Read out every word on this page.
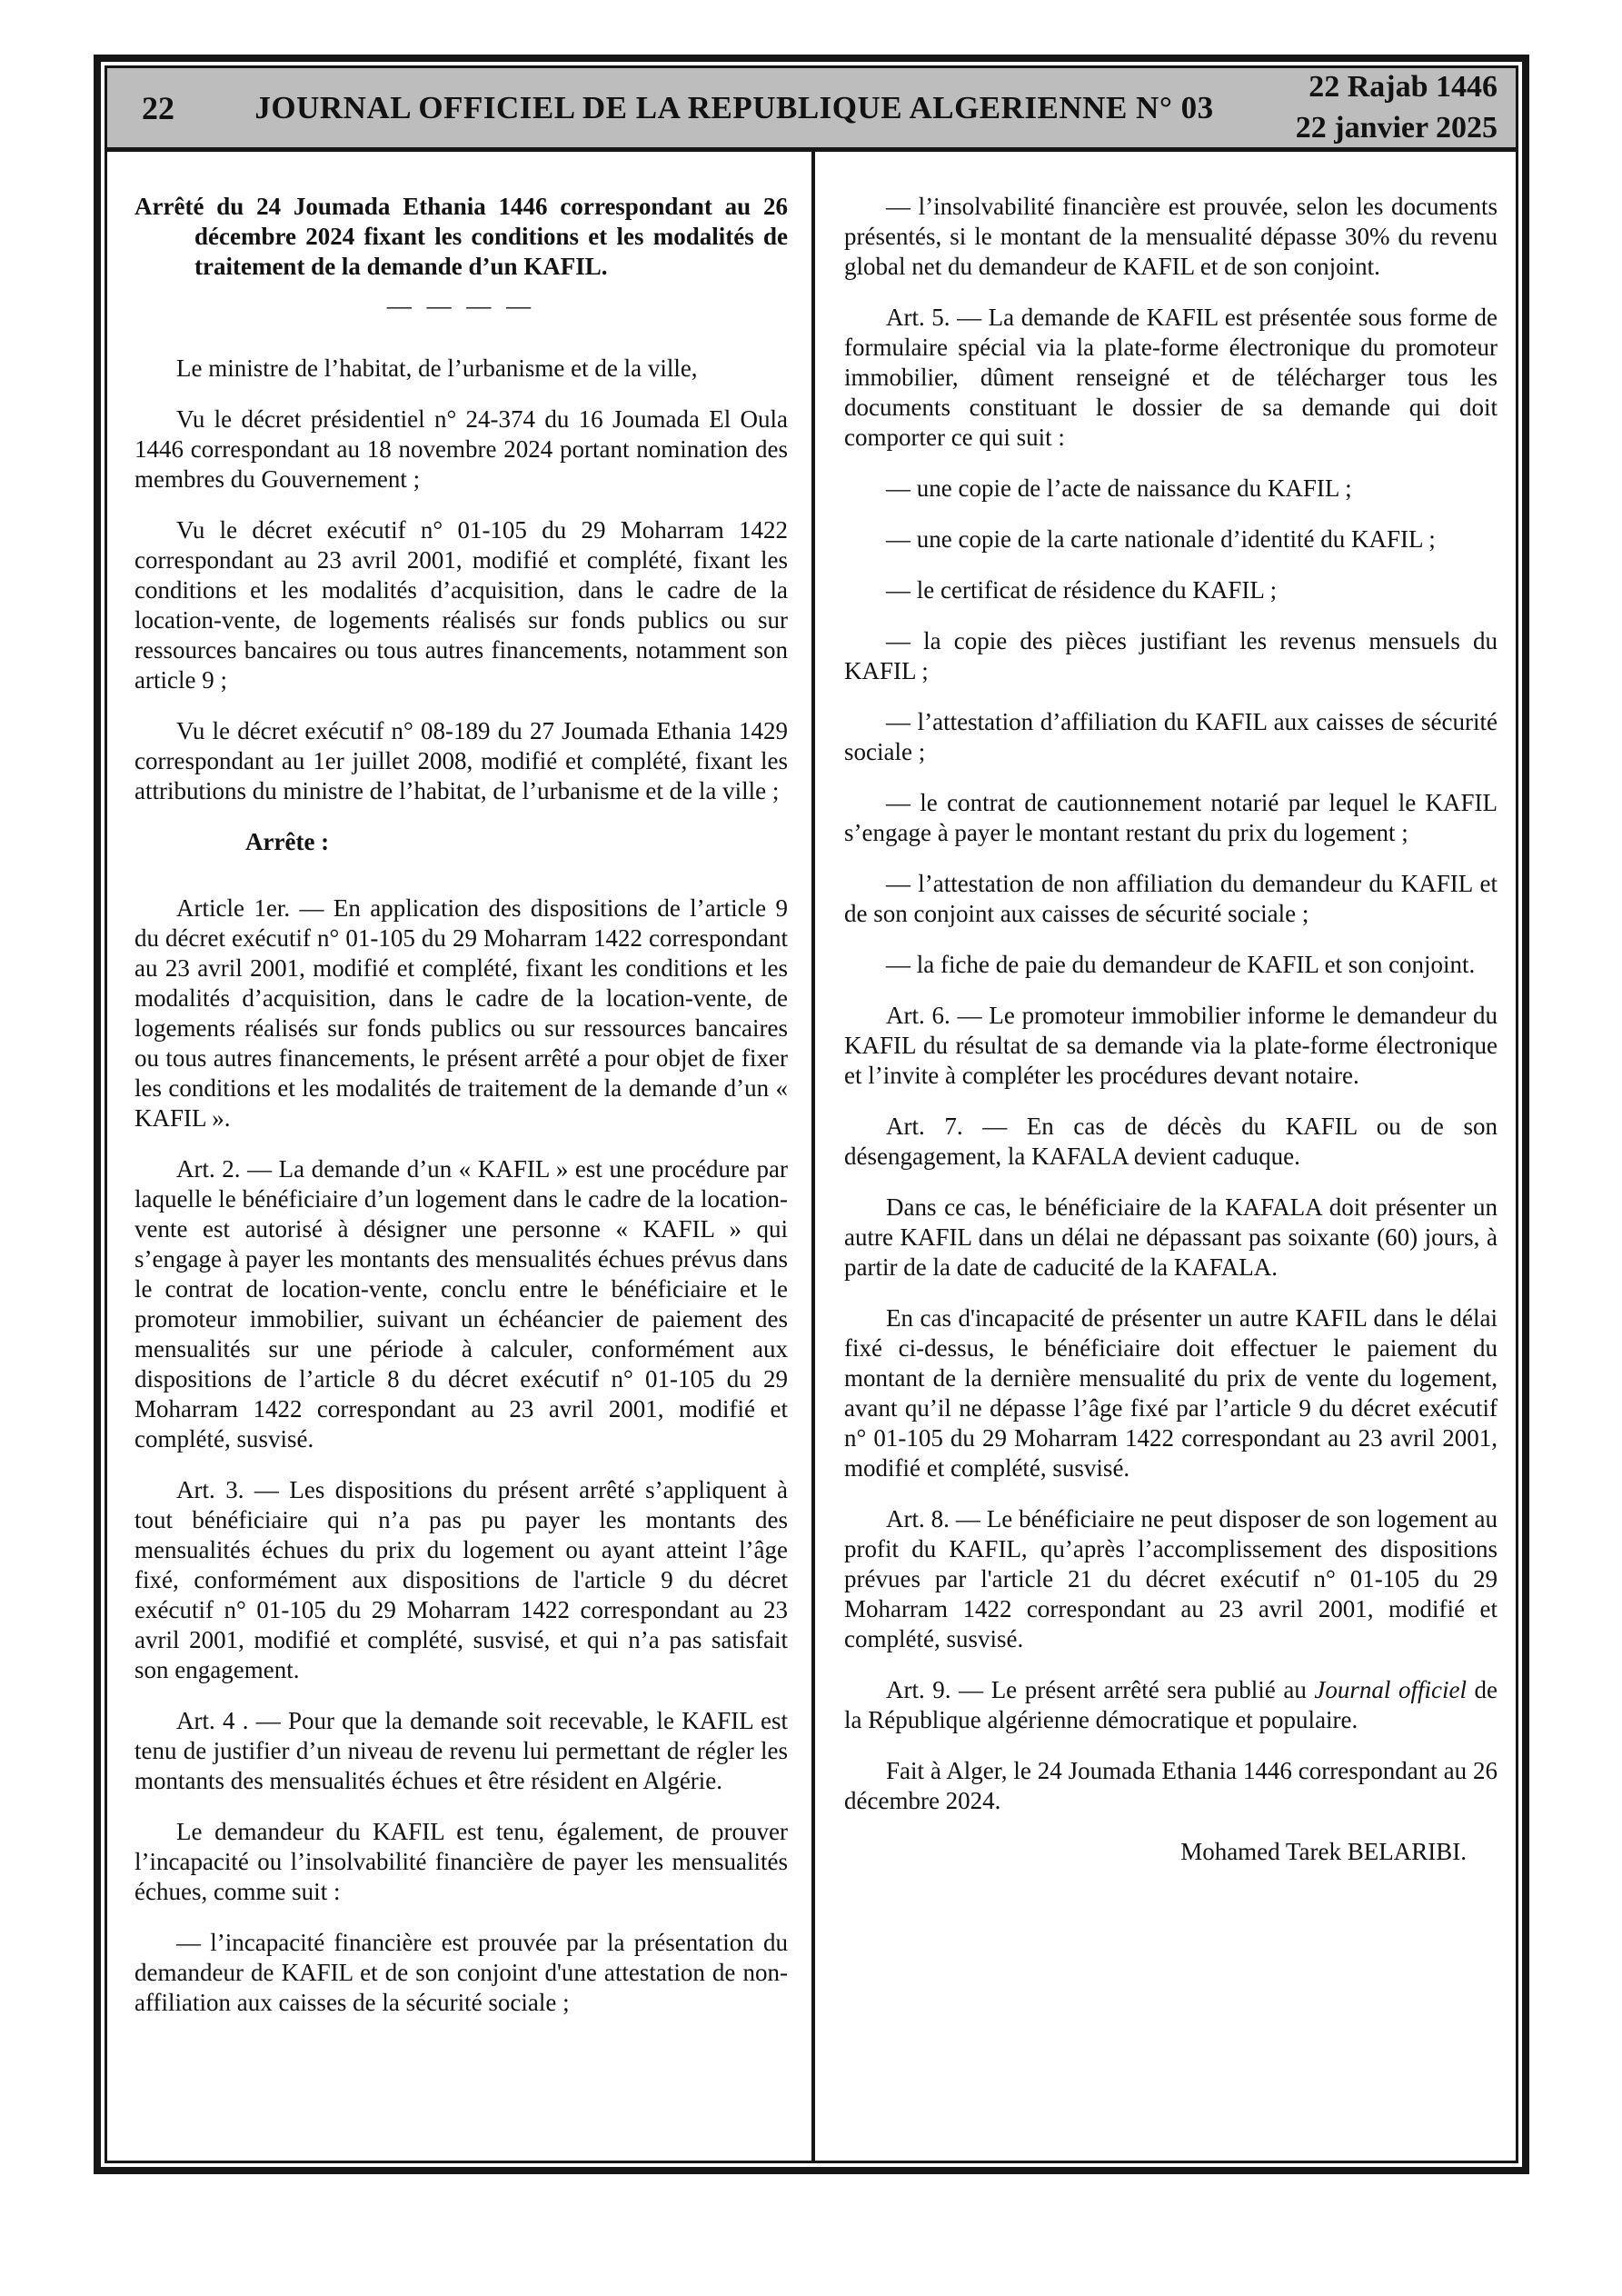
22	JOURNAL OFFICIEL DE LA REPUBLIQUE ALGERIENNE N° 03
22 Rajab 1446
22 janvier 2025

Arrêté du 24 Joumada Ethania 1446 correspondant au 26 décembre 2024 fixant les conditions et les modalités de traitement de la demande d’un KAFIL.

— — — —

Le ministre de l’habitat, de l’urbanisme et de la ville,

Vu le décret présidentiel n° 24-374 du 16 Joumada El Oula 1446 correspondant au 18 novembre 2024 portant nomination des membres du Gouvernement ;

Vu le décret exécutif n° 01-105 du 29 Moharram 1422 correspondant au 23 avril 2001, modifié et complété, fixant les conditions et les modalités d’acquisition, dans le cadre de la location-vente, de logements réalisés sur fonds publics ou sur ressources bancaires ou tous autres financements, notamment son article 9 ;

Vu le décret exécutif n° 08-189 du 27 Joumada Ethania 1429 correspondant au 1er juillet 2008, modifié et complété, fixant les attributions du ministre de l’habitat, de l’urbanisme et de la ville ;

Arrête :

Article 1er. — En application des dispositions de l’article 9 du décret exécutif n° 01-105 du 29 Moharram 1422 correspondant au 23 avril 2001, modifié et complété, fixant les conditions et les modalités d’acquisition, dans le cadre de la location-vente, de logements réalisés sur fonds publics ou sur ressources bancaires ou tous autres financements, le présent arrêté a pour objet de fixer les conditions et les modalités de traitement de la demande d’un « KAFIL ».

Art. 2. — La demande d’un « KAFIL » est une procédure par laquelle le bénéficiaire d’un logement dans le cadre de la location-vente est autorisé à désigner une personne « KAFIL » qui s’engage à payer les montants des mensualités échues prévus dans le contrat de location-vente, conclu entre le bénéficiaire et le promoteur immobilier, suivant un échéancier de paiement des mensualités sur une période à calculer, conformément aux dispositions de l’article 8 du décret exécutif n° 01-105 du 29 Moharram 1422 correspondant au 23 avril 2001, modifié et complété, susvisé.

Art. 3. — Les dispositions du présent arrêté s’appliquent à tout bénéficiaire qui n’a pas pu payer les montants des mensualités échues du prix du logement ou ayant atteint l’âge fixé, conformément aux dispositions de l'article 9 du décret exécutif n° 01-105 du 29 Moharram 1422 correspondant au 23 avril 2001, modifié et complété, susvisé, et qui n’a pas satisfait son engagement.

Art. 4 . — Pour que la demande soit recevable, le KAFIL est tenu de justifier d’un niveau de revenu lui permettant de régler les montants des mensualités échues et être résident en Algérie.

Le demandeur du KAFIL est tenu, également, de prouver l’incapacité ou l’insolvabilité financière de payer les mensualités échues, comme suit :

— l’incapacité financière est prouvée par la présentation du demandeur de KAFIL et de son conjoint d'une attestation de non-affiliation aux caisses de la sécurité sociale ;

— l’insolvabilité financière est prouvée, selon les documents présentés, si le montant de la mensualité dépasse 30% du revenu global net du demandeur de KAFIL et de son conjoint.

Art. 5. — La demande de KAFIL est présentée sous forme de formulaire spécial via la plate-forme électronique du promoteur immobilier, dûment renseigné et de télécharger tous les documents constituant le dossier de sa demande qui doit comporter ce qui suit :

— une copie de l’acte de naissance du KAFIL ;

— une copie de la carte nationale d’identité du KAFIL ;

— le certificat de résidence du KAFIL ;

— la copie des pièces justifiant les revenus mensuels du KAFIL ;

— l’attestation d’affiliation du KAFIL aux caisses de sécurité sociale ;

— le contrat de cautionnement notarié par lequel le KAFIL s’engage à payer le montant restant du prix du logement ;

— l’attestation de non affiliation du demandeur du KAFIL et de son conjoint aux caisses de sécurité sociale ;

— la fiche de paie du demandeur de KAFIL et son conjoint.

Art. 6. — Le promoteur immobilier informe le demandeur du KAFIL du résultat de sa demande via la plate-forme électronique et l’invite à compléter les procédures devant notaire.

Art. 7. — En cas de décès du KAFIL ou de son désengagement, la KAFALA devient caduque.

Dans ce cas, le bénéficiaire de la KAFALA doit présenter un autre KAFIL dans un délai ne dépassant pas soixante (60) jours, à partir de la date de caducité de la KAFALA.

En cas d'incapacité de présenter un autre KAFIL dans le délai fixé ci-dessus, le bénéficiaire doit effectuer le paiement du montant de la dernière mensualité du prix de vente du logement, avant qu’il ne dépasse l’âge fixé par l’article 9 du décret exécutif n° 01-105 du 29 Moharram 1422 correspondant au 23 avril 2001, modifié et complété, susvisé.

Art. 8. — Le bénéficiaire ne peut disposer de son logement au profit du KAFIL, qu’après l’accomplissement des dispositions prévues par l'article 21 du décret exécutif n° 01-105 du 29 Moharram 1422 correspondant au 23 avril 2001, modifié et complété, susvisé.

Art. 9. — Le présent arrêté sera publié au Journal officiel de la République algérienne démocratique et populaire.

Fait à Alger, le 24 Joumada Ethania 1446 correspondant au 26 décembre 2024.

Mohamed Tarek BELARIBI.
